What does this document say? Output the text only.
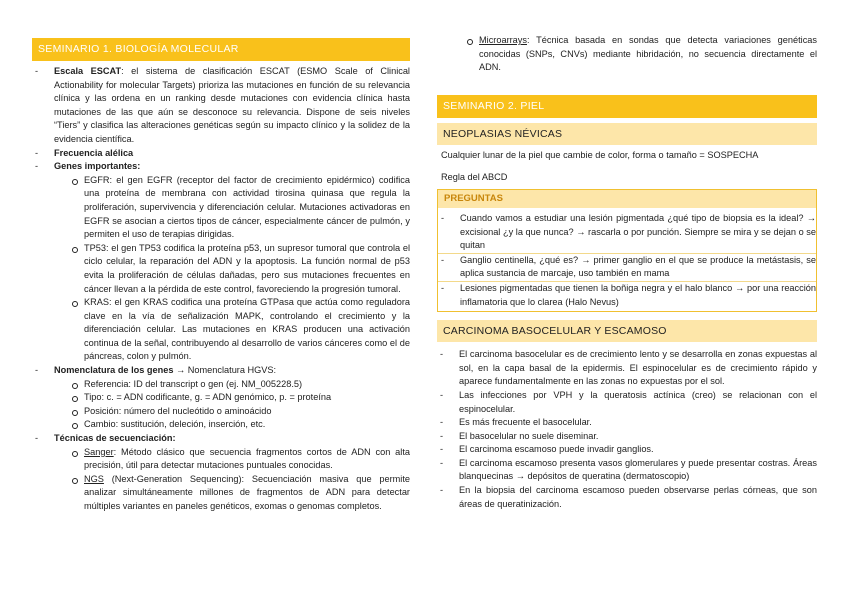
SEMINARIO 1. BIOLOGÍA MOLECULAR
- Escala ESCAT: el sistema de clasificación ESCAT (ESMO Scale of Clinical Actionability for molecular Targets) prioriza las mutaciones en función de su relevancia clínica y las ordena en un ranking desde mutaciones con evidencia clínica hasta mutaciones de las que aún se desconoce su relevancia. Dispone de seis niveles “Tiers” y clasifica las alteraciones genéticas según su impacto clínico y la solidez de la evidencia científica.
- Frecuencia alélica
- Genes importantes:
EGFR: el gen EGFR (receptor del factor de crecimiento epidérmico) codifica una proteína de membrana con actividad tirosina quinasa que regula la proliferación, supervivencia y diferenciación celular. Mutaciones activadoras en EGFR se asocian a ciertos tipos de cáncer, especialmente cáncer de pulmón, y permiten el uso de terapias dirigidas.
TP53: el gen TP53 codifica la proteína p53, un supresor tumoral que controla el ciclo celular, la reparación del ADN y la apoptosis. La función normal de p53 evita la proliferación de células dañadas, pero sus mutaciones frecuentes en cáncer llevan a la pérdida de este control, favoreciendo la progresión tumoral.
KRAS: el gen KRAS codifica una proteína GTPasa que actúa como reguladora clave en la vía de señalización MAPK, controlando el crecimiento y la diferenciación celular. Las mutaciones en KRAS producen una activación continua de la señal, contribuyendo al desarrollo de varios cánceres como el de páncreas, colon y pulmón.
- Nomenclatura de los genes → Nomenclatura HGVS:
Referencia: ID del transcript o gen (ej. NM_005228.5)
Tipo: c. = ADN codificante, g. = ADN genómico, p. = proteína
Posición: número del nucleótido o aminoácido
Cambio: sustitución, deleción, inserción, etc.
- Técnicas de secuenciación:
Sanger: Método clásico que secuencia fragmentos cortos de ADN con alta precisión, útil para detectar mutaciones puntuales conocidas.
NGS (Next-Generation Sequencing): Secuenciación masiva que permite analizar simultáneamente millones de fragmentos de ADN para detectar múltiples variantes en paneles genéticos, exomas o genomas completos.
Microarrays: Técnica basada en sondas que detecta variaciones genéticas conocidas (SNPs, CNVs) mediante hibridación, no secuencia directamente el ADN.
SEMINARIO 2. PIEL
NEOPLASIAS NÉVICAS
Cualquier lunar de la piel que cambie de color, forma o tamaño = SOSPECHA
Regla del ABCD
PREGUNTAS
- Cuando vamos a estudiar una lesión pigmentada ¿qué tipo de biopsia es la ideal? → excisional ¿y la que nunca? → rascarla o por punción. Siempre se mira y se dejan o se quitan
- Ganglio centinella, ¿qué es? → primer ganglio en el que se produce la metástasis, se aplica sustancia de marcaje, uso también en mama
- Lesiones pigmentadas que tienen la boñiga negra y el halo blanco → por una reacción inflamatoria que lo clarea (Halo Nevus)
CARCINOMA BASOCELULAR Y ESCAMOSO
- El carcinoma basocelular es de crecimiento lento y se desarrolla en zonas expuestas al sol, en la capa basal de la epidermis. El espinocelular es de crecimiento rápido y aparece fundamentalmente en las zonas no expuestas por el sol.
- Las infecciones por VPH y la queratosis actínica (creo) se relacionan con el espinocelular.
- Es más frecuente el basocelular.
- El basocelular no suele diseminar.
- El carcinoma escamoso puede invadir ganglios.
- El carcinoma escamoso presenta vasos glomerulares y puede presentar costras. Áreas blanquecinas → depósitos de queratina (dermatoscopio)
- En la biopsia del carcinoma escamoso pueden observarse perlas córneas, que son áreas de queratinización.
